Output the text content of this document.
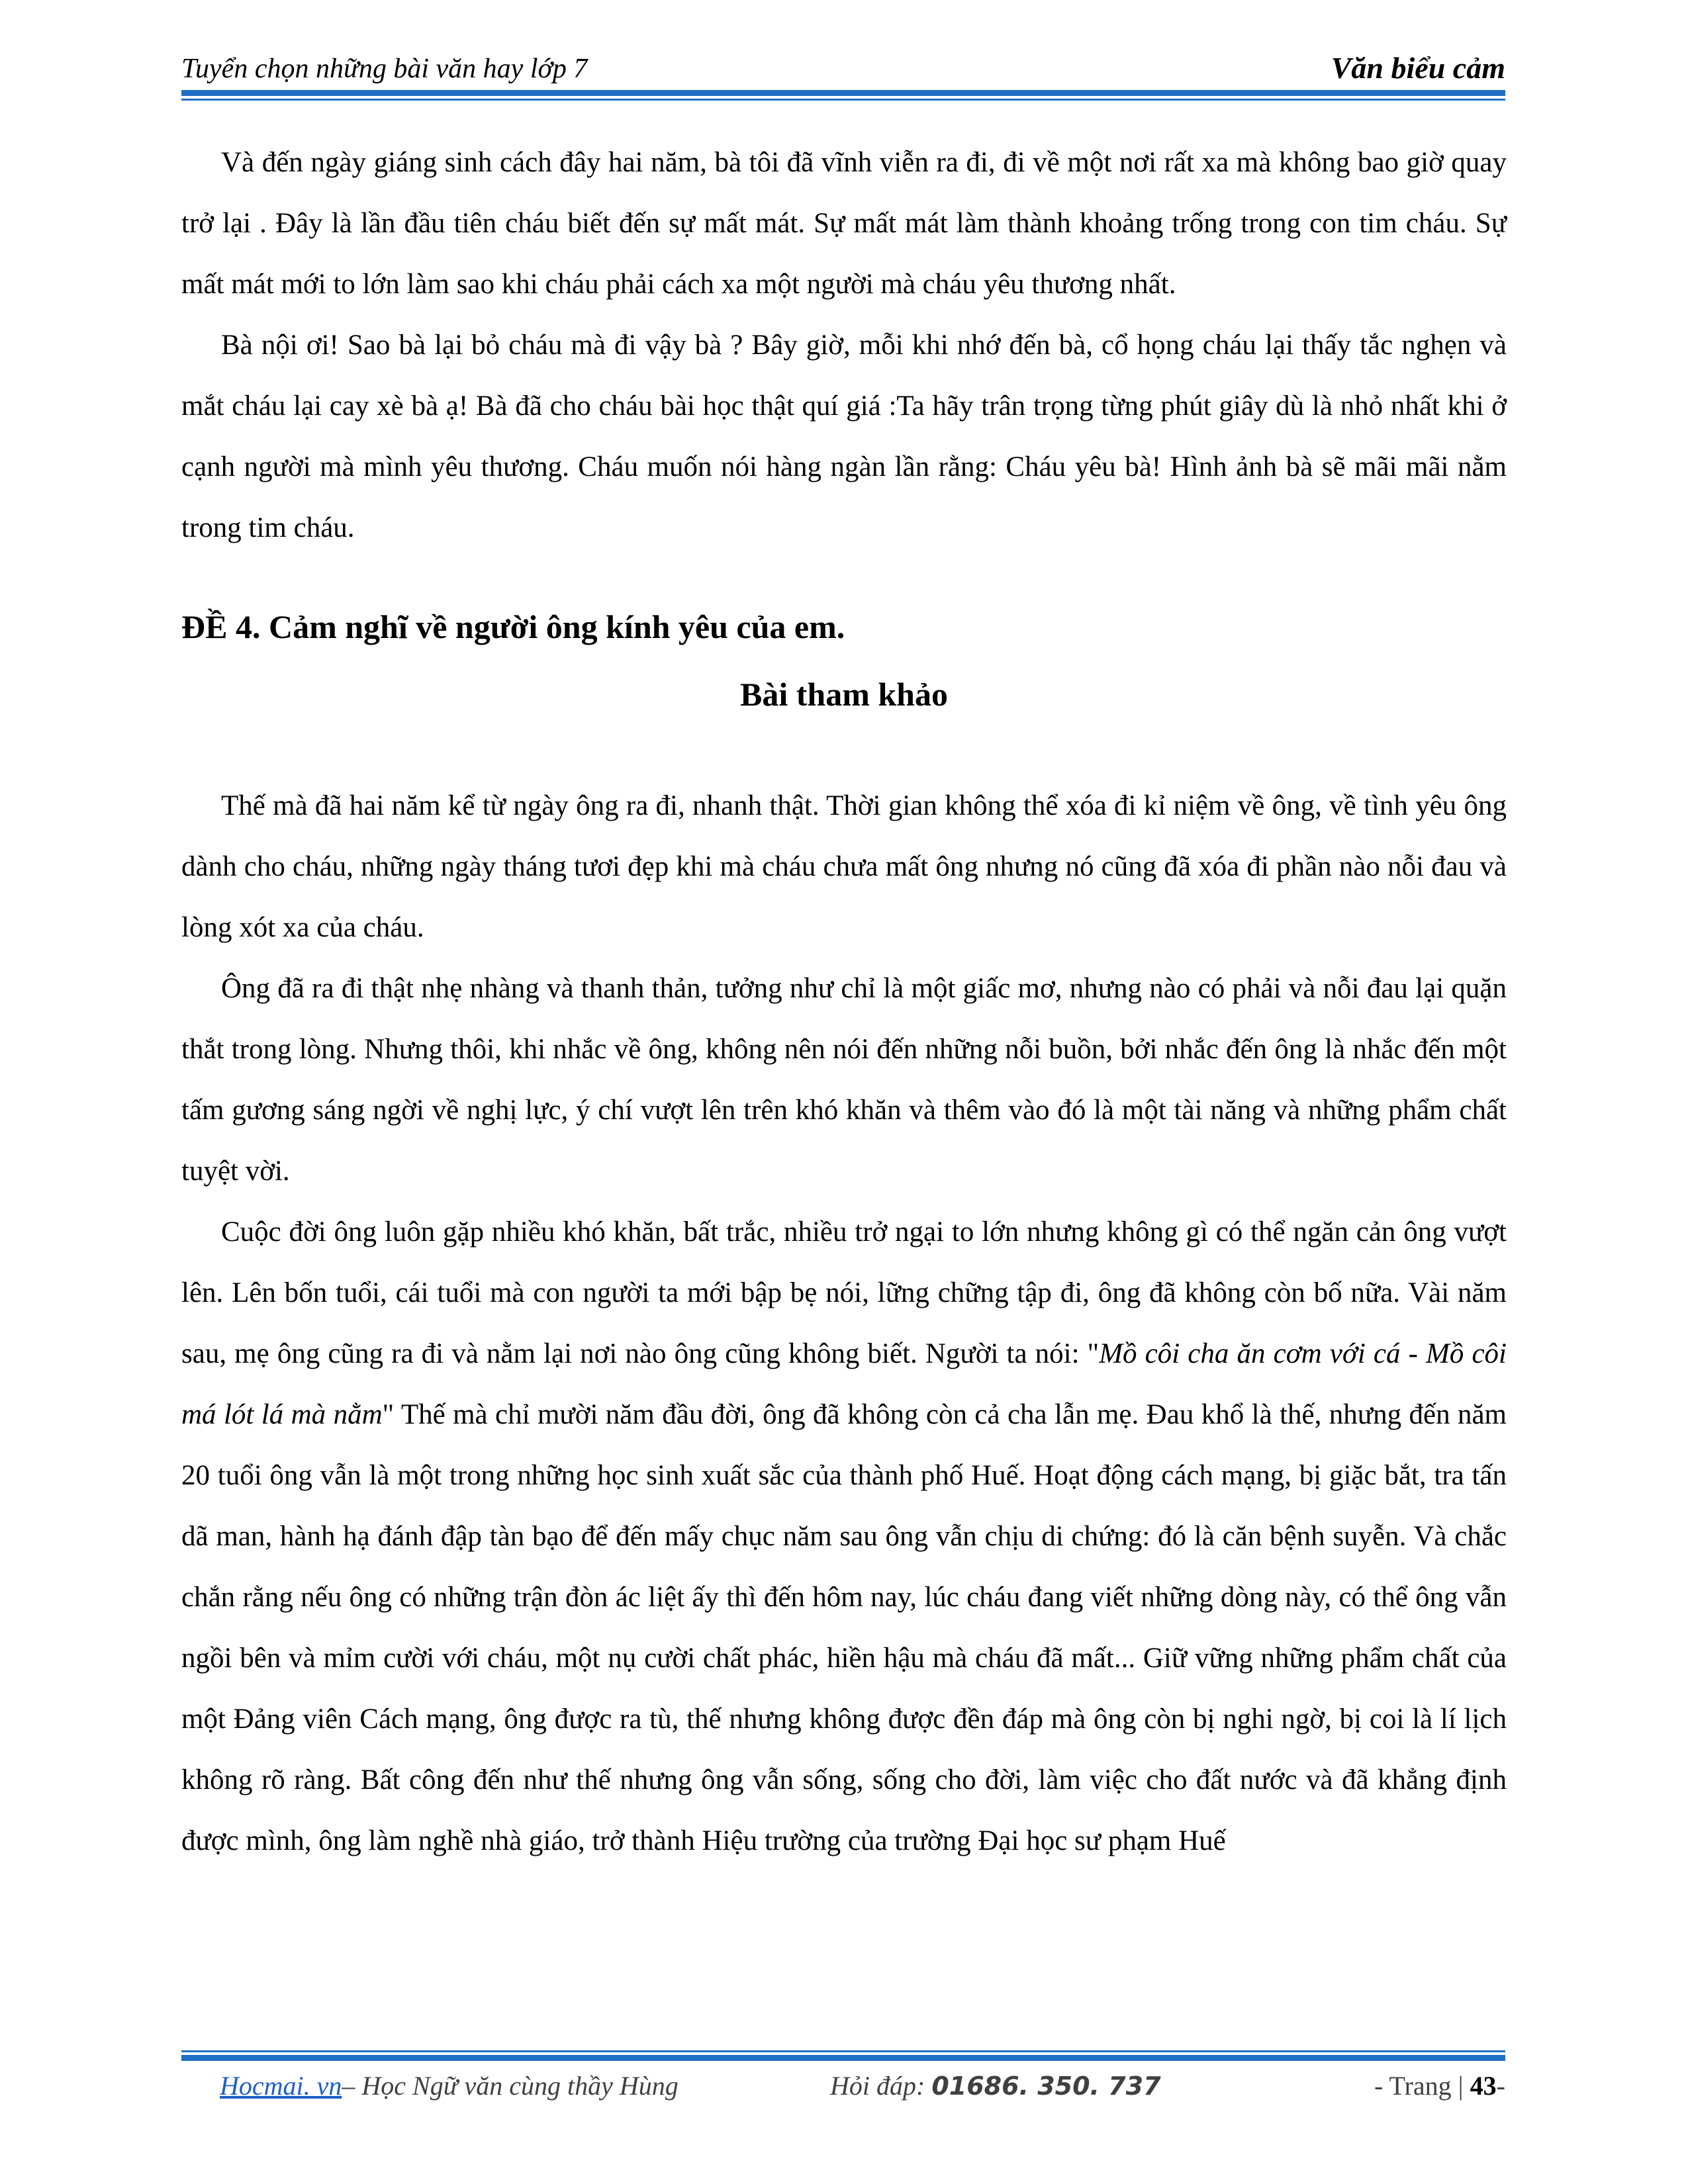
Tuyển chọn những bài văn hay lớp 7	Văn biểu cảm

Và đến ngày giáng sinh cách đây hai năm, bà tôi đã vĩnh viễn ra đi, đi về một nơi rất xa mà không bao giờ quay trở lại . Đây là lần đầu tiên cháu biết đến sự mất mát. Sự mất mát làm thành khoảng trống trong con tim cháu. Sự mất mát mới to lớn làm sao khi cháu phải cách xa một người mà cháu yêu thương nhất.

Bà nội ơi! Sao bà lại bỏ cháu mà đi vậy bà ? Bây giờ, mỗi khi nhớ đến bà, cổ họng cháu lại thấy tắc nghẹn và mắt cháu lại cay xè bà ạ! Bà đã cho cháu bài học thật quí giá :Ta hãy trân trọng từng phút giây dù là nhỏ nhất khi ở cạnh người mà mình yêu thương. Cháu muốn nói hàng ngàn lần rằng: Cháu yêu bà! Hình ảnh bà sẽ mãi mãi nằm trong tim cháu.

ĐỀ 4. Cảm nghĩ về người ông kính yêu của em.

Bài tham khảo

Thế mà đã hai năm kể từ ngày ông ra đi, nhanh thật. Thời gian không thể xóa đi kỉ niệm về ông, về tình yêu ông dành cho cháu, những ngày tháng tươi đẹp khi mà cháu chưa mất ông nhưng nó cũng đã xóa đi phần nào nỗi đau và lòng xót xa của cháu.

Ông đã ra đi thật nhẹ nhàng và thanh thản, tưởng như chỉ là một giấc mơ, nhưng nào có phải và nỗi đau lại quặn thắt trong lòng. Nhưng thôi, khi nhắc về ông, không nên nói đến những nỗi buồn, bởi nhắc đến ông là nhắc đến một tấm gương sáng ngời về nghị lực, ý chí vượt lên trên khó khăn và thêm vào đó là một tài năng và những phẩm chất tuyệt vời.

Cuộc đời ông luôn gặp nhiều khó khăn, bất trắc, nhiều trở ngại to lớn nhưng không gì có thể ngăn cản ông vượt lên. Lên bốn tuổi, cái tuổi mà con người ta mới bập bẹ nói, lững chững tập đi, ông đã không còn bố nữa. Vài năm sau, mẹ ông cũng ra đi và nằm lại nơi nào ông cũng không biết. Người ta nói: "Mồ côi cha ăn cơm với cá - Mồ côi má lót lá mà nằm" Thế mà chỉ mười năm đầu đời, ông đã không còn cả cha lẫn mẹ. Đau khổ là thế, nhưng đến năm 20 tuổi ông vẫn là một trong những học sinh xuất sắc của thành phố Huế. Hoạt động cách mạng, bị giặc bắt, tra tấn dã man, hành hạ đánh đập tàn bạo để đến mấy chục năm sau ông vẫn chịu di chứng: đó là căn bệnh suyễn. Và chắc chắn rằng nếu ông có những trận đòn ác liệt ấy thì đến hôm nay, lúc cháu đang viết những dòng này, có thể ông vẫn ngồi bên và mỉm cười với cháu, một nụ cười chất phác, hiền hậu mà cháu đã mất... Giữ vững những phẩm chất của một Đảng viên Cách mạng, ông được ra tù, thế nhưng không được đền đáp mà ông còn bị nghi ngờ, bị coi là lí lịch không rõ ràng. Bất công đến như thế nhưng ông vẫn sống, sống cho đời, làm việc cho đất nước và đã khẳng định được mình, ông làm nghề nhà giáo, trở thành Hiệu trường của trường Đại học sư phạm Huế

Hocmai. vn– Học Ngữ văn cùng thầy Hùng	Hỏi đáp: 01686. 350. 737	- Trang | 43-
